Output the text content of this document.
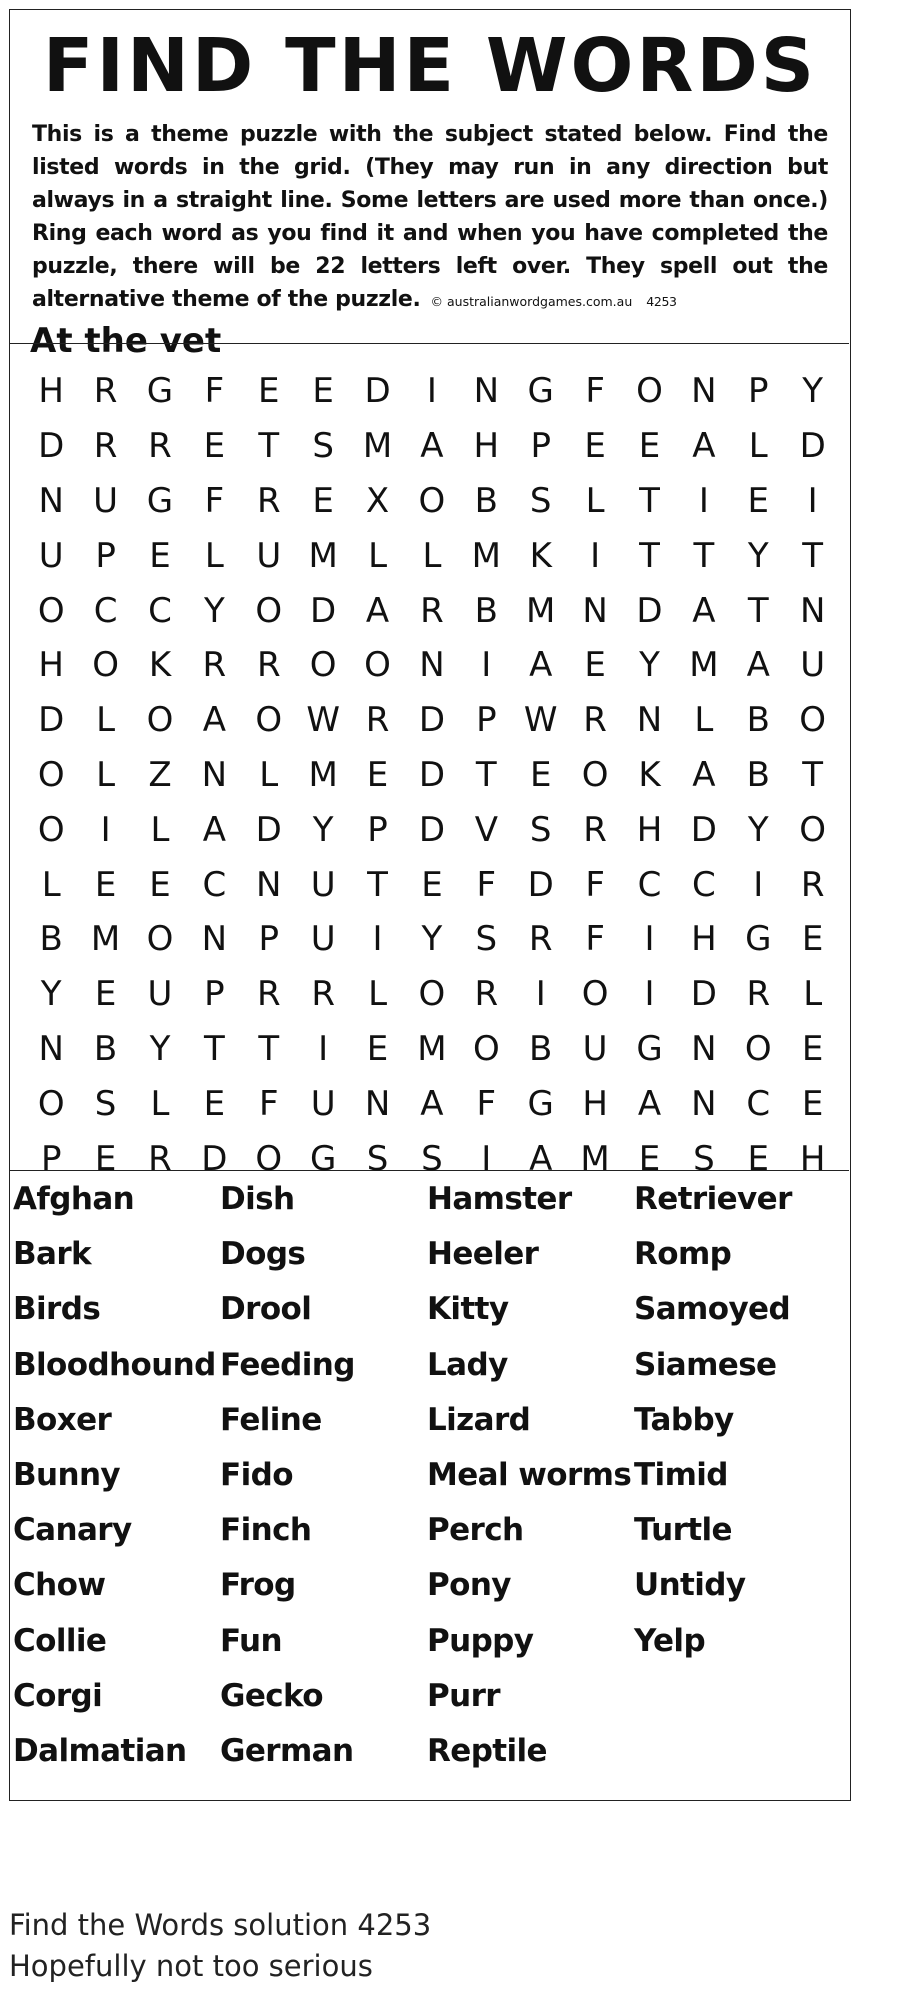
FIND THE WORDS
This is a theme puzzle with the subject stated below. Find the listed words in the grid. (They may run in any direction but always in a straight line. Some letters are used more than once.) Ring each word as you find it and when you have completed the puzzle, there will be 22 letters left over. They spell out the alternative theme of the puzzle. © australianwordgames.com.au 4253
At the vet
H R G F E E D	I	N G F O N P Y
D R R E T S M A H P E E A L D
N U G F R E X O B S	L	T	I	E	I
U P E	L U M L	L M K	I	T T Y T
O C C Y O D A R B M N D A T N
H O K R R O O N	I	A E Y M A U
D L O A O W R D P W R N L B O
O L Z N L M E D T E O K A B T
O	I	L A D Y P D V S R H D Y O
L	E E C N U T E F D F C C	I	R
B M O N P U	I	Y S R F	I	H G E
Y E U P R R L O R	I	O	I	D R L
N B Y T T	I	E M O B U G N O E
O S	L	E F U N A F G H A N C E
P E R D O G S S	I	A M E S E H
Afghan	Dish	Hamster	Retriever
Bark	Dogs	Heeler	Romp
Birds	Drool	Kitty	Samoyed
Bloodhound Feeding	Lady	Siamese
Boxer	Feline	Lizard	Tabby
Bunny	Fido	Meal worms Timid
Canary	Finch	Perch	Turtle
Chow	Frog	Pony	Untidy
Collie	Fun	Puppy	Yelp
Corgi	Gecko	Purr
Dalmatian	German	Reptile
Find the Words solution 4253
Hopefully not too serious
